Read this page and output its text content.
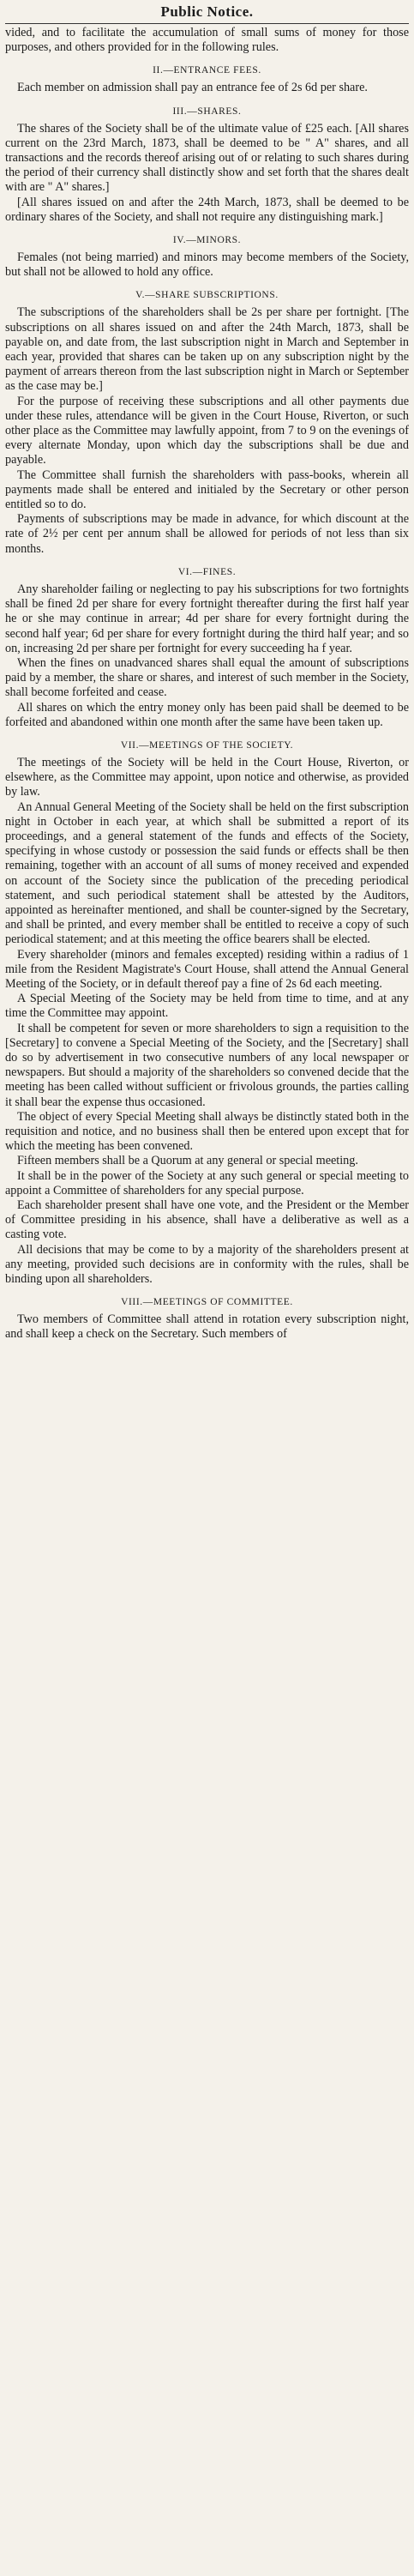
Public Notice.

vided, and to facilitate the accumulation of small sums of money for those purposes, and others provided for in the following rules.

II.—ENTRANCE FEES.

Each member on admission shall pay an entrance fee of 2s 6d per share.

III.—SHARES.

The shares of the Society shall be of the ultimate value of £25 each. [All shares current on the 23rd March, 1873, shall be deemed to be " A" shares, and all transactions and the records thereof arising out of or relating to such shares during the period of their currency shall distinctly show and set forth that the shares dealt with are " A" shares.]

[All shares issued on and after the 24th March, 1873, shall be deemed to be ordinary shares of the Society, and shall not require any distinguishing mark.]

IV.—MINORS.

Females (not being married) and minors may become members of the Society, but shall not be allowed to hold any office.

V.—SHARE SUBSCRIPTIONS.

The subscriptions of the shareholders shall be 2s per share per fortnight. [The subscriptions on all shares issued on and after the 24th March, 1873, shall be payable on, and date from, the last subscription night in March and September in each year, provided that shares can be taken up on any subscription night by the payment of arrears thereon from the last subscription night in March or September as the case may be.]

For the purpose of receiving these subscriptions and all other payments due under these rules, attendance will be given in the Court House, Riverton, or such other place as the Committee may lawfully appoint, from 7 to 9 on the evenings of every alternate Monday, upon which day the subscriptions shall be due and payable.

The Committee shall furnish the shareholders with pass-books, wherein all payments made shall be entered and initialed by the Secretary or other person entitled so to do.

Payments of subscriptions may be made in advance, for which discount at the rate of 2½ per cent per annum shall be allowed for periods of not less than six months.

VI.—FINES.

Any shareholder failing or neglecting to pay his subscriptions for two fortnights shall be fined 2d per share for every fortnight thereafter during the first half year he or she may continue in arrear; 4d per share for every fortnight during the second half year; 6d per share for every fortnight during the third half year; and so on, increasing 2d per share per fortnight for every succeeding ha f year.

When the fines on unadvanced shares shall equal the amount of subscriptions paid by a member, the share or shares, and interest of such member in the Society, shall become forfeited and cease.

All shares on which the entry money only has been paid shall be deemed to be forfeited and abandoned within one month after the same have been taken up.

VII.—MEETINGS OF THE SOCIETY.

The meetings of the Society will be held in the Court House, Riverton, or elsewhere, as the Committee may appoint, upon notice and otherwise, as provided by law.

An Annual General Meeting of the Society shall be held on the first subscription night in October in each year, at which shall be submitted a report of its proceedings, and a general statement of the funds and effects of the Society, specifying in whose custody or possession the said funds or effects shall be then remaining, together with an account of all sums of money received and expended on account of the Society since the publication of the preceding periodical statement, and such periodical statement shall be attested by the Auditors, appointed as hereinafter mentioned, and shall be counter-signed by the Secretary, and shall be printed, and every member shall be entitled to receive a copy of such periodical statement; and at this meeting the office bearers shall be elected.

Every shareholder (minors and females excepted) residing within a radius of 1 mile from the Resident Magistrate's Court House, shall attend the Annual General Meeting of the Society, or in default thereof pay a fine of 2s 6d each meeting.

A Special Meeting of the Society may be held from time to time, and at any time the Committee may appoint.

It shall be competent for seven or more shareholders to sign a requisition to the [Secretary] to convene a Special Meeting of the Society, and the [Secretary] shall do so by advertisement in two consecutive numbers of any local newspaper or newspapers. But should a majority of the shareholders so convened decide that the meeting has been called without sufficient or frivolous grounds, the parties calling it shall bear the expense thus occasioned.

The object of every Special Meeting shall always be distinctly stated both in the requisition and notice, and no business shall then be entered upon except that for which the meeting has been convened.

Fifteen members shall be a Quorum at any general or special meeting.

It shall be in the power of the Society at any such general or special meeting to appoint a Committee of shareholders for any special purpose.

Each shareholder present shall have one vote, and the President or the Member of Committee presiding in his absence, shall have a deliberative as well as a casting vote.

All decisions that may be come to by a majority of the shareholders present at any meeting, provided such decisions are in conformity with the rules, shall be binding upon all shareholders.

VIII.—MEETINGS OF COMMITTEE.

Two members of Committee shall attend in rotation every subscription night, and shall keep a check on the Secretary. Such members of
